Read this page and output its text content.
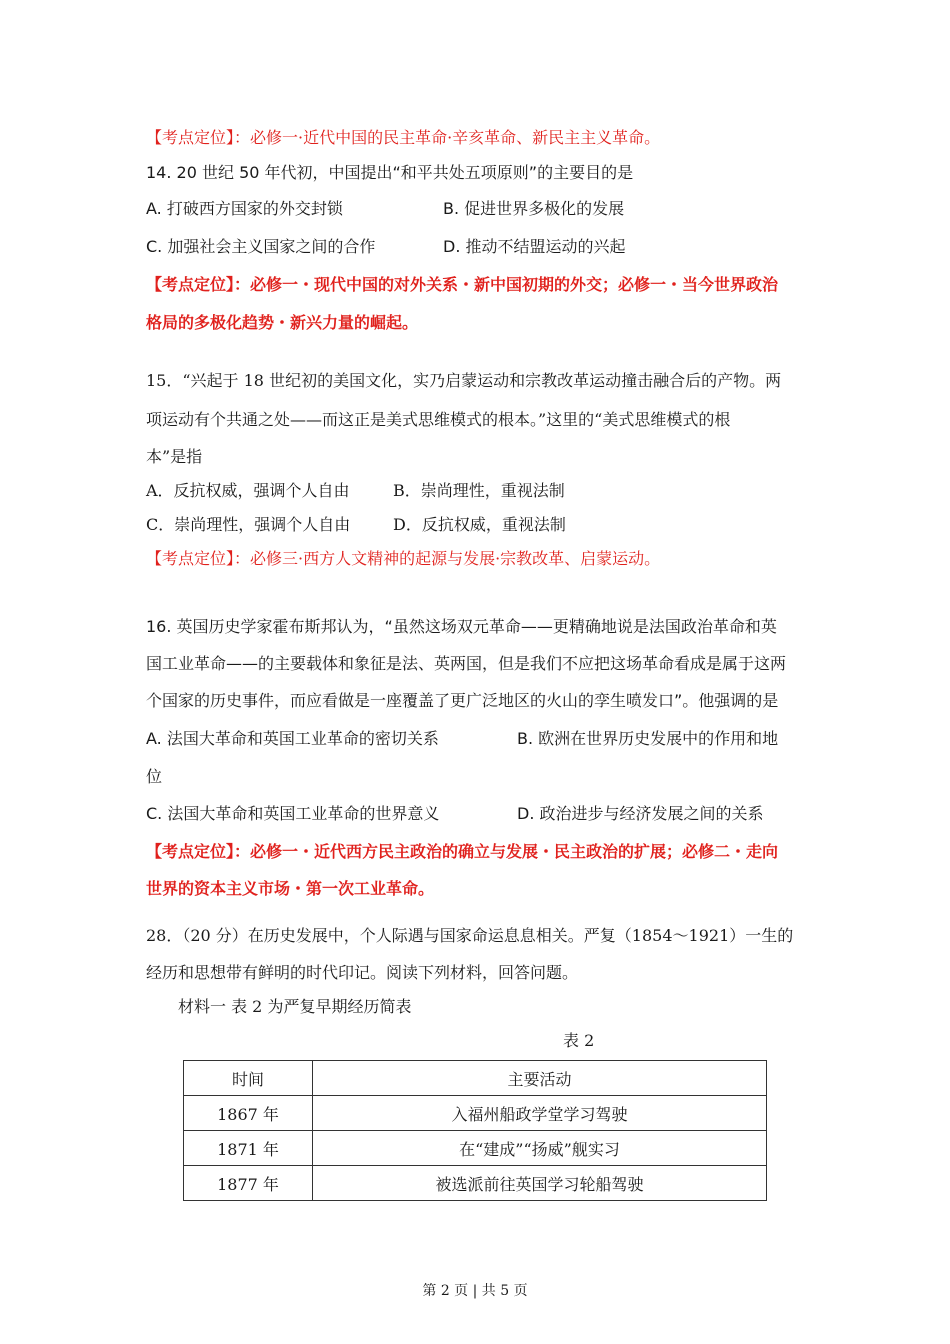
【考点定位】：必修一·近代中国的民主革命·辛亥革命、新民主主义革命。
14. 20 世纪 50 年代初，中国提出“和平共处五项原则”的主要目的是
A. 打破西方国家的外交封锁	B. 促进世界多极化的发展
C. 加强社会主义国家之间的合作	D. 推动不结盟运动的兴起
【考点定位】：必修一・现代中国的对外关系・新中国初期的外交；必修一・当今世界政治
格局的多极化趋势・新兴力量的崛起。
15．“兴起于 18 世纪初的美国文化，实乃启蒙运动和宗教改革运动撞击融合后的产物。两
项运动有个共通之处——而这正是美式思维模式的根本。”这里的“美式思维模式的根
本”是指
A．反抗权威，强调个人自由	B．崇尚理性，重视法制
C．崇尚理性，强调个人自由	D．反抗权威，重视法制
【考点定位】：必修三·西方人文精神的起源与发展·宗教改革、启蒙运动。
16. 英国历史学家霍布斯邦认为，“虽然这场双元革命——更精确地说是法国政治革命和英
国工业革命——的主要载体和象征是法、英两国，但是我们不应把这场革命看成是属于这两
个国家的历史事件，而应看做是一座覆盖了更广泛地区的火山的孪生喷发口”。他强调的是
A. 法国大革命和英国工业革命的密切关系	B. 欧洲在世界历史发展中的作用和地
位
C. 法国大革命和英国工业革命的世界意义	D. 政治进步与经济发展之间的关系
【考点定位】：必修一・近代西方民主政治的确立与发展・民主政治的扩展；必修二・走向
世界的资本主义市场・第一次工业革命。
28．（20 分）在历史发展中，个人际遇与国家命运息息相关。严复（1854～1921）一生的
经历和思想带有鲜明的时代印记。阅读下列材料，回答问题。
材料一 表 2 为严复早期经历简表
表 2
时间	主要活动
1867 年	入福州船政学堂学习驾驶
1871 年	在“建成”“扬威”舰实习
1877 年	被选派前往英国学习轮船驾驶
第 2 页 | 共 5 页
